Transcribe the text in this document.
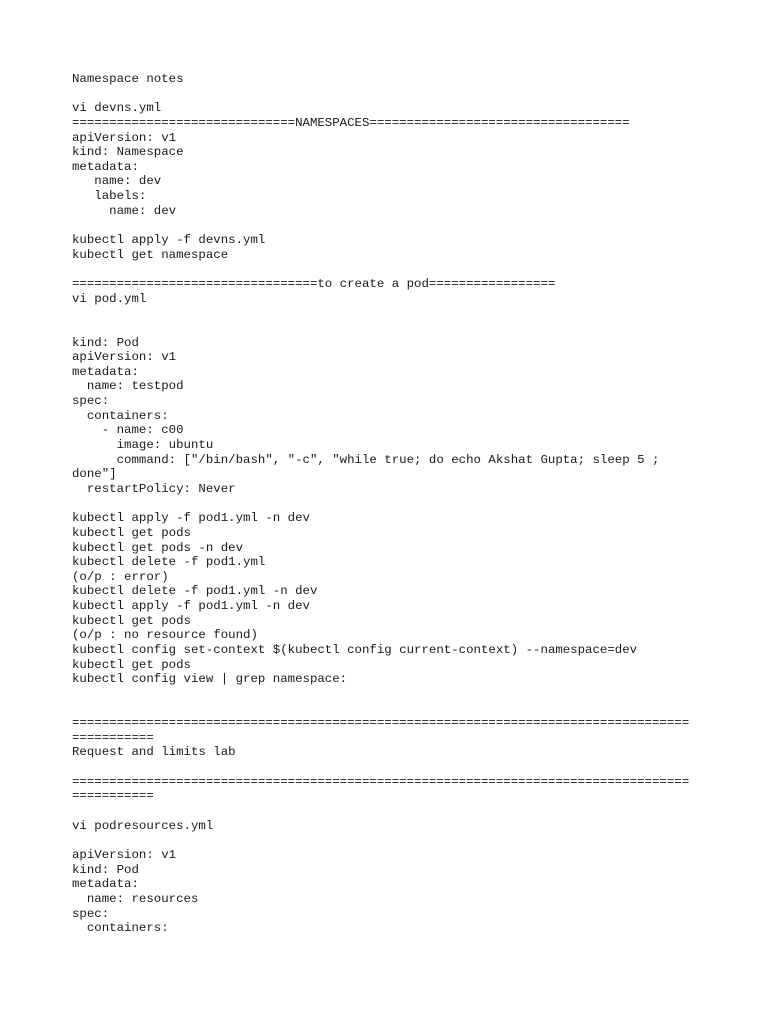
Namespace notes

vi devns.yml
==============================NAMESPACES===================================
apiVersion: v1
kind: Namespace
metadata:
name: dev
labels:
name: dev

kubectl apply -f devns.yml
kubectl get namespace

=================================to create a pod=================
vi pod.yml

kind: Pod
apiVersion: v1
metadata:
name: testpod
spec:
containers:
- name: c00
image: ubuntu
command: ["/bin/bash", "-c", "while true; do echo Akshat Gupta; sleep 5 ;
done"]
restartPolicy: Never

kubectl apply -f pod1.yml -n dev
kubectl get pods
kubectl get pods -n dev
kubectl delete -f pod1.yml
(o/p : error)
kubectl delete -f pod1.yml -n dev
kubectl apply -f pod1.yml -n dev
kubectl get pods
(o/p : no resource found)
kubectl config set-context $(kubectl config current-context) --namespace=dev
kubectl get pods
kubectl config view | grep namespace:

===================================================================================
===========
Request and limits lab

===================================================================================
===========

vi podresources.yml

apiVersion: v1
kind: Pod
metadata:
name: resources
spec:
containers:
